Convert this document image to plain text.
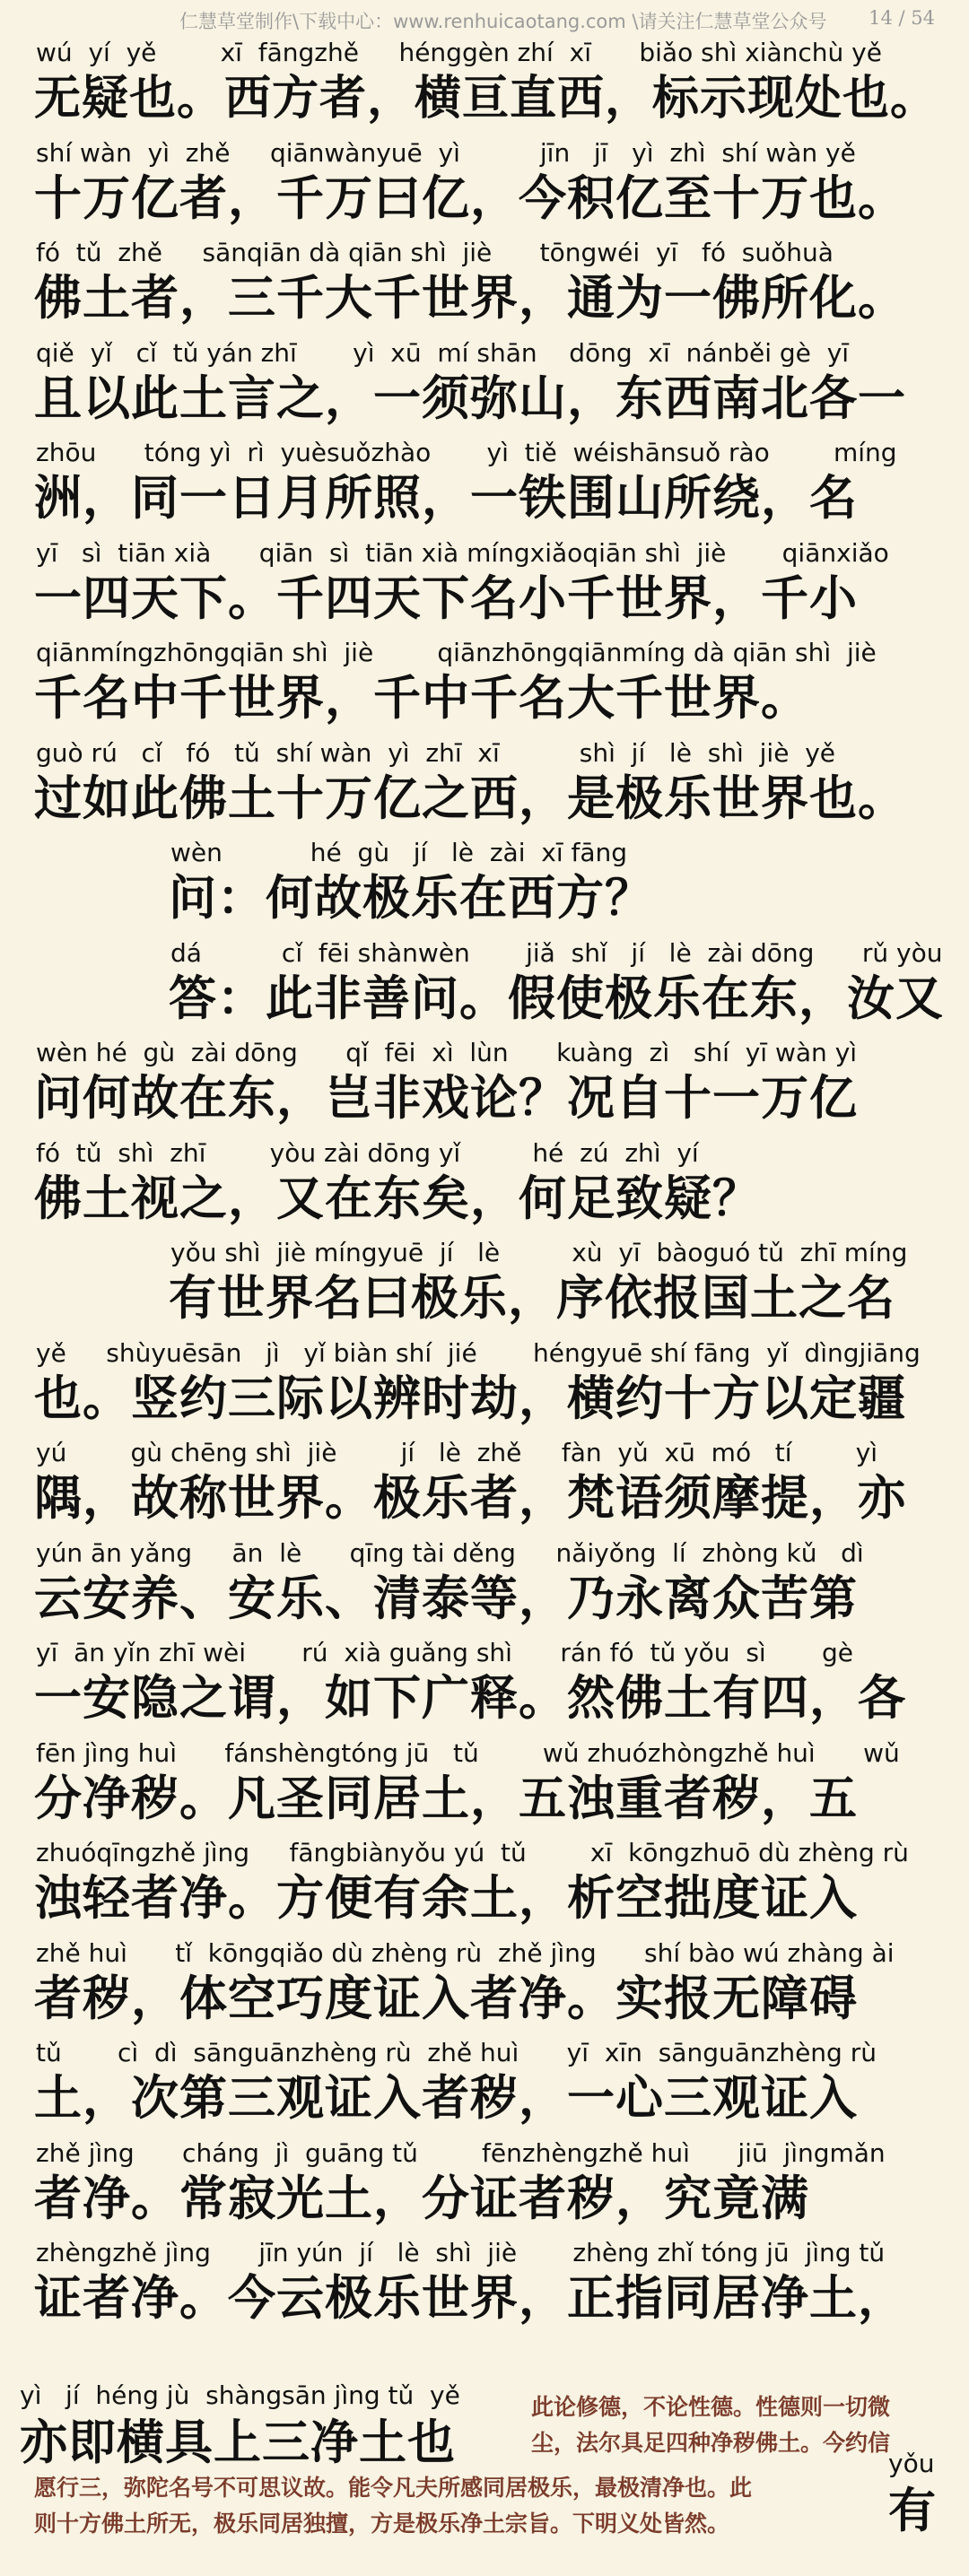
仁慧草堂制作\下载中心：www.renhuicaotang.com \请关注仁慧草堂公众号 14 / 54
wú  yí  yě        xī  fāngzhě     hénggèn zhí  xī      biǎo shì xiànchù yě
无疑也。西方者，横亘直西，标示现处也。
shí wàn  yì  zhě     qiānwànyuē  yì          jīn   jī   yì  zhì  shí wàn yě
十万亿者，千万曰亿，今积亿至十万也。
fó  tǔ  zhě     sānqiān dà qiān shì  jiè      tōngwéi  yī   fó  suǒhuà
佛土者，三千大千世界，通为一佛所化。
qiě  yǐ   cǐ  tǔ yán zhī       yì  xū  mí shān    dōng  xī  nánběi gè  yī
且以此土言之，一须弥山，东西南北各一
zhōu      tóng yì  rì  yuèsuǒzhào       yì  tiě  wéishānsuǒ rào        míng
洲，同一日月所照，一铁围山所绕，名
yī   sì  tiān xià      qiān  sì  tiān xià míngxiǎoqiān shì  jiè       qiānxiǎo
一四天下。千四天下名小千世界，千小
qiānmíngzhōngqiān shì  jiè        qiānzhōngqiānmíng dà qiān shì  jiè
千名中千世界，千中千名大千世界。
guò rú   cǐ   fó   tǔ  shí wàn  yì  zhī  xī          shì  jí   lè  shì  jiè  yě
过如此佛土十万亿之西，是极乐世界也。
wèn           hé  gù   jí   lè  zài  xī fāng
问：何故极乐在西方？
dá          cǐ  fēi shànwèn       jiǎ  shǐ   jí   lè  zài dōng      rǔ yòu
答：此非善问。假使极乐在东，汝又
wèn hé  gù  zài dōng      qǐ  fēi  xì  lùn      kuàng  zì   shí  yī wàn yì
问何故在东，岂非戏论？况自十一万亿
fó  tǔ  shì  zhī        yòu zài dōng yǐ         hé  zú  zhì  yí
佛土视之，又在东矣，何足致疑？
yǒu shì  jiè míngyuē  jí   lè         xù  yī  bàoguó tǔ  zhī míng
有世界名曰极乐，序依报国土之名
yě     shùyuēsān   jì   yǐ biàn shí  jié       héngyuē shí fāng  yǐ  dìngjiāng
也。竖约三际以辨时劫，横约十方以定疆
yú        gù chēng shì  jiè        jí   lè  zhě     fàn  yǔ  xū  mó   tí        yì
隅，故称世界。极乐者，梵语须摩提，亦
yún ān yǎng     ān  lè      qīng tài děng     nǎiyǒng  lí  zhòng kǔ   dì
云安养、安乐、清泰等，乃永离众苦第
yī  ān yǐn zhī wèi       rú  xià guǎng shì      rán fó  tǔ yǒu  sì       gè
一安隐之谓，如下广释。然佛土有四，各
fēn jìng huì      fánshèngtóng jū   tǔ        wǔ zhuózhòngzhě huì      wǔ
分净秽。凡圣同居土，五浊重者秽，五
zhuóqīngzhě jìng     fāngbiànyǒu yú  tǔ        xī  kōngzhuō dù zhèng rù
浊轻者净。方便有余土，析空拙度证入
zhě huì      tǐ  kōngqiǎo dù zhèng rù  zhě jìng      shí bào wú zhàng ài
者秽，体空巧度证入者净。实报无障碍
tǔ       cì  dì  sānguānzhèng rù  zhě huì      yī  xīn  sānguānzhèng rù
土，次第三观证入者秽，一心三观证入
zhě jìng      cháng  jì  guāng tǔ        fēnzhèngzhě huì      jiū  jìngmǎn
者净。常寂光土，分证者秽，究竟满
zhèngzhě jìng      jīn yún  jí   lè  shì  jiè       zhèng zhǐ tóng jū  jìng tǔ
证者净。今云极乐世界，正指同居净土，
yì   jí  héng jù  shàngsān jìng tǔ  yě
亦即横具上三净土也
此论修德，不论性德。性德则一切微
尘，法尔具足四种净秽佛土。今约信
愿行三，弥陀名号不可思议故。能令凡夫所感同居极乐，最极清净也。此
则十方佛土所无，极乐同居独擅，方是极乐净土宗旨。下明义处皆然。
yǒu
有
